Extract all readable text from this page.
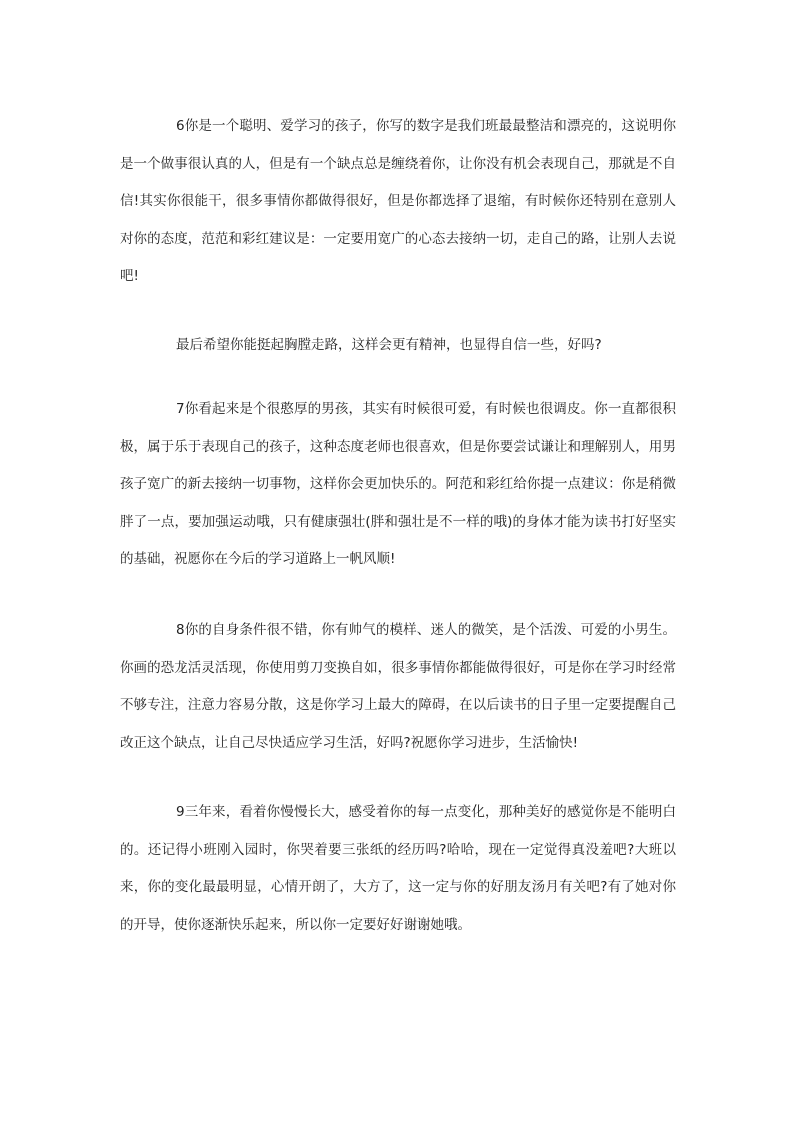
6你是一个聪明、爱学习的孩子，你写的数字是我们班最最整洁和漂亮的，这说明你是一个做事很认真的人，但是有一个缺点总是缠绕着你，让你没有机会表现自己，那就是不自信!其实你很能干，很多事情你都做得很好，但是你都选择了退缩，有时候你还特别在意别人对你的态度，范范和彩红建议是：一定要用宽广的心态去接纳一切，走自己的路，让别人去说吧!

最后希望你能挺起胸膛走路，这样会更有精神，也显得自信一些，好吗?

7你看起来是个很憨厚的男孩，其实有时候很可爱，有时候也很调皮。你一直都很积极，属于乐于表现自己的孩子，这种态度老师也很喜欢，但是你要尝试谦让和理解别人，用男孩子宽广的新去接纳一切事物，这样你会更加快乐的。阿范和彩红给你提一点建议：你是稍微胖了一点，要加强运动哦，只有健康强壮(胖和强壮是不一样的哦)的身体才能为读书打好坚实的基础，祝愿你在今后的学习道路上一帆风顺!

8你的自身条件很不错，你有帅气的模样、迷人的微笑，是个活泼、可爱的小男生。你画的恐龙活灵活现，你使用剪刀变换自如，很多事情你都能做得很好，可是你在学习时经常不够专注，注意力容易分散，这是你学习上最大的障碍，在以后读书的日子里一定要提醒自己改正这个缺点，让自己尽快适应学习生活，好吗?祝愿你学习进步，生活愉快!

9三年来，看着你慢慢长大，感受着你的每一点变化，那种美好的感觉你是不能明白的。还记得小班刚入园时，你哭着要三张纸的经历吗?哈哈，现在一定觉得真没羞吧?大班以来，你的变化最最明显，心情开朗了，大方了，这一定与你的好朋友汤月有关吧?有了她对你的开导，使你逐渐快乐起来，所以你一定要好好谢谢她哦。
